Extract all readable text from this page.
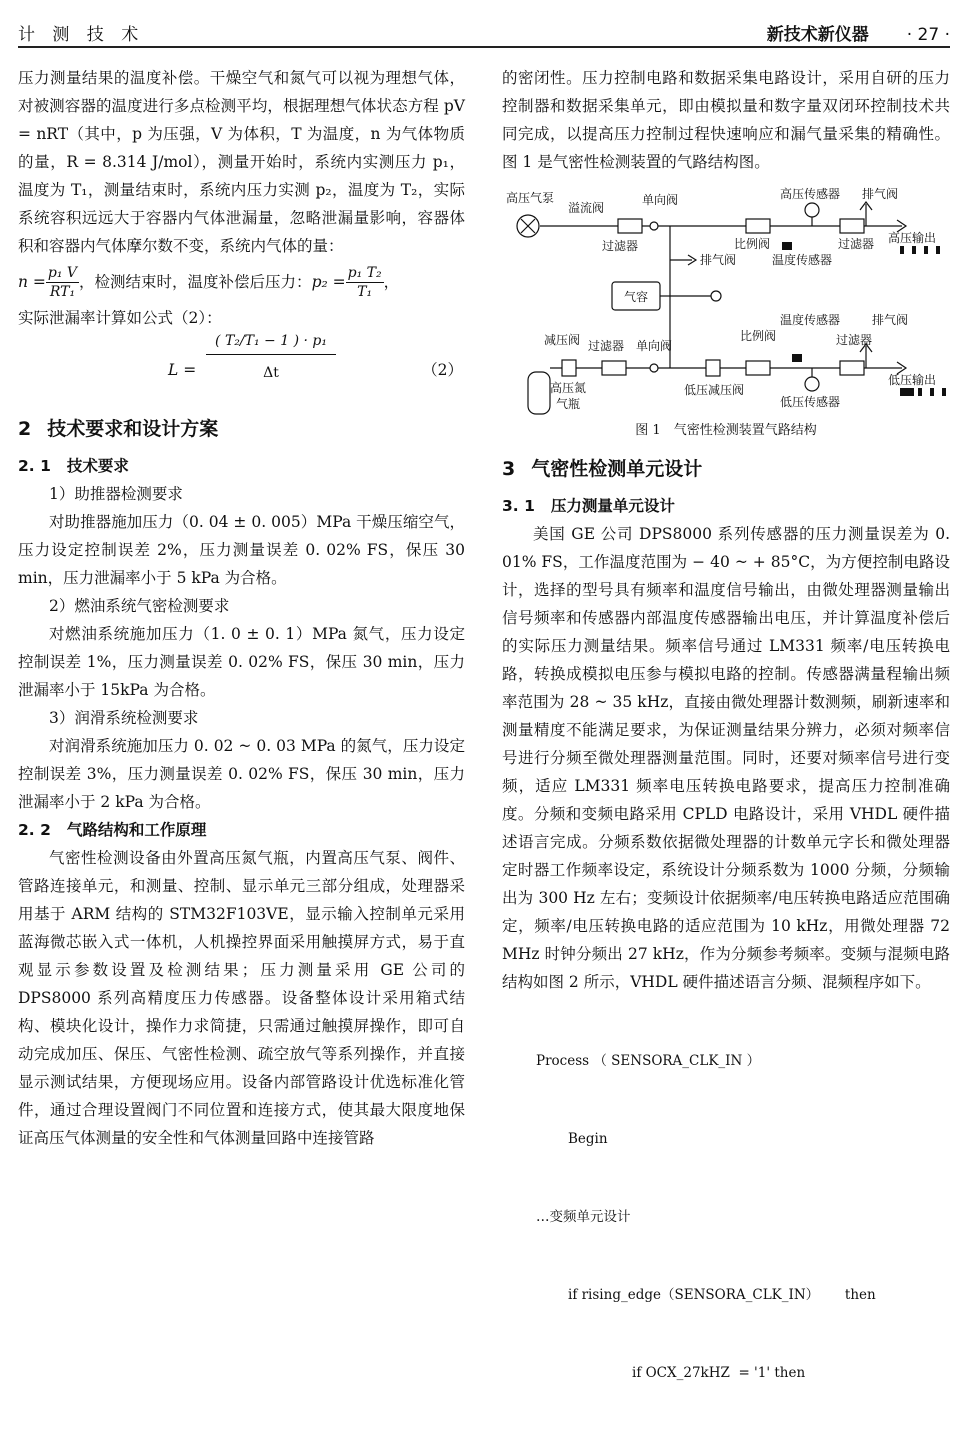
计 测 技 术	新技术新仪器 · 27 ·

压力测量结果的温度补偿。干燥空气和氮气可以视为理想气体，对被测容器的温度进行多点检测平均，根据理想气体状态方程 pV = nRT（其中，p 为压强，V 为体积，T 为温度，n 为气体物质的量，R = 8.314 J/mol），测量开始时，系统内实测压力 p₁，温度为 T₁，测量结束时，系统内压力实测 p₂，温度为 T₂，实际系统容积远远大于容器内气体泄漏量，忽略泄漏量影响，容器体积和容器内气体摩尔数不变，系统内气体的量：

$n = \frac{\text{p₁ V}}{\text{RT₁}}$ ，检测结束时，温度补偿后压力： $p_2 = \frac{\text{p₁ T₂}}{\text{T₁}}$ ，

实际泄漏率计算如公式（2）：

$L = \frac{\text{( T₂/T₁ − 1 ) · p₁}}{\Delta t}$	（2）
2 技术要求和设计方案
2. 1 技术要求

1）助推器检测要求

对助推器施加压力（0. 04 ± 0. 005）MPa 干燥压缩空气，压力设定控制误差 2%，压力测量误差 0. 02% FS，保压 30 min，压力泄漏率小于 5 kPa 为合格。

2）燃油系统气密检测要求

对燃油系统施加压力（1. 0 ± 0. 1）MPa 氮气，压力设定控制误差 1%，压力测量误差 0. 02% FS，保压 30 min，压力泄漏率小于 15kPa 为合格。

3）润滑系统检测要求

对润滑系统施加压力 0. 02 ~ 0. 03 MPa 的氮气，压力设定控制误差 3%，压力测量误差 0. 02% FS，保压 30 min，压力泄漏率小于 2 kPa 为合格。

2. 2 气路结构和工作原理

气密性检测设备由外置高压氮气瓶，内置高压气泵、阀件、管路连接单元，和测量、控制、显示单元三部分组成，处理器采用基于 ARM 结构的 STM32F103VE，显示输入控制单元采用蓝海微芯嵌入式一体机，人机操控界面采用触摸屏方式，易于直观显示参数设置及检测结果；压力测量采用 GE 公司的 DPS8000 系列高精度压力传感器。设备整体设计采用箱式结构、模块化设计，操作力求简捷，只需通过触摸屏操作，即可自动完成加压、保压、气密性检测、疏空放气等系列操作，并直接显示测试结果，方便现场应用。设备内部管路设计优选标准化管件，通过合理设置阀门不同位置和连接方式，使其最大限度地保证高压气体测量的安全性和气体测量回路中连接管路

的密闭性。压力控制电路和数据采集电路设计，采用自研的压力控制器和数据采集单元，即由模拟量和数字量双闭环控制技术共同完成，以提高压力控制过程快速响应和漏气量采集的精确性。图 1 是气密性检测装置的气路结构图。

高压气泵
溢流阀
单向阀
过滤器
高压传感器 排气阀
比例阀
温度传感器
过滤器 高压输出
排气阀
气容
减压阀 过滤器 单向阀
温度传感器	排气阀
比例阀	过滤器
低压输出
高压氮
气瓶
低压减压阀
低压传感器
图 1　气密性检测装置气路结构
3 气密性检测单元设计
3. 1 压力测量单元设计

美国 GE 公司 DPS8000 系列传感器的压力测量误差为 0. 01% FS，工作温度范围为 − 40 ~ + 85°C，为方便控制电路设计，选择的型号具有频率和温度信号输出，由微处理器测量输出信号频率和传感器内部温度传感器输出电压，并计算温度补偿后的实际压力测量结果。频率信号通过 LM331 频率/电压转换电路，转换成模拟电压参与模拟电路的控制。传感器满量程输出频率范围为 28 ~ 35 kHz，直接由微处理器计数测频，刷新速率和测量精度不能满足要求，为保证测量结果分辨力，必须对频率信号进行分频至微处理器测量范围。同时，还要对频率信号进行变频，适应 LM331 频率电压转换电路要求，提高压力控制准确度。分频和变频电路采用 CPLD 电路设计，采用 VHDL 硬件描述语言完成。分频系数依据微处理器的计数单元字长和微处理器定时器工作频率设定，系统设计分频系数为 1000 分频，分频输出为 300 Hz 左右；变频设计依据频率/电压转换电路适应范围确定，频率/电压转换电路的适应范围为 10 kHz，用微处理器 72 MHz 时钟分频出 27 kHz，作为分频参考频率。变频与混频电路结构如图 2 所示，VHDL 硬件描述语言分频、混频程序如下。

Process （ SENSORA_CLK_IN ）

Begin

…变频单元设计

if rising_edge（SENSORA_CLK_IN）      then

if OCX_27kHZ  = '1' then
